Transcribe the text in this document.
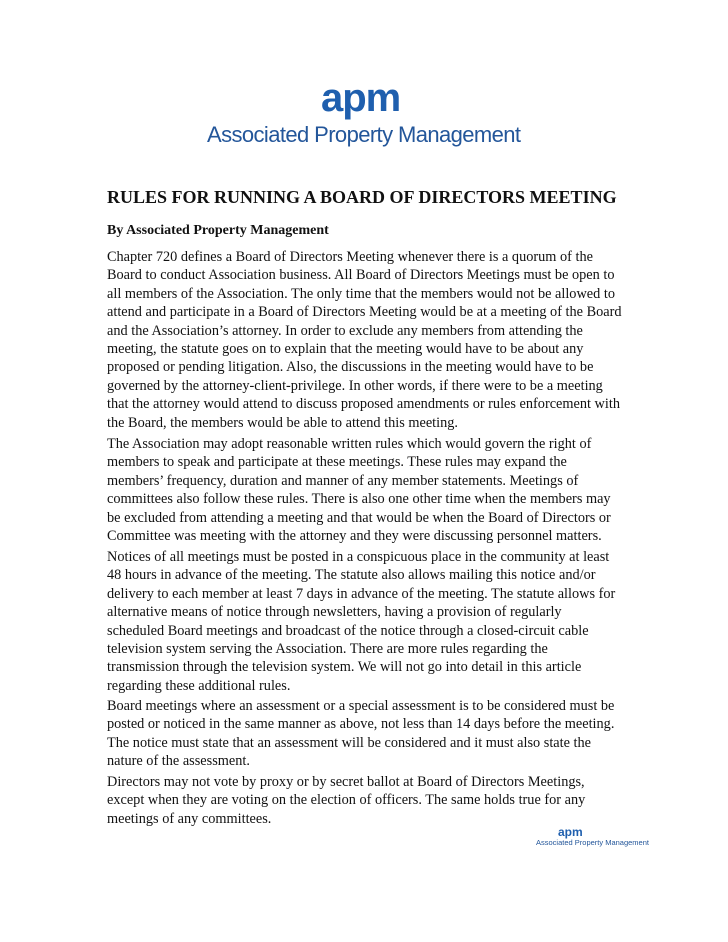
apm
Associated Property Management
RULES FOR RUNNING A BOARD OF DIRECTORS MEETING

By Associated Property Management

Chapter 720 defines a Board of Directors Meeting whenever there is a quorum of the
Board to conduct Association business. All Board of Directors Meetings must be open to
all members of the Association. The only time that the members would not be allowed to
attend and participate in a Board of Directors Meeting would be at a meeting of the Board
and the Association’s attorney. In order to exclude any members from attending the
meeting, the statute goes on to explain that the meeting would have to be about any
proposed or pending litigation. Also, the discussions in the meeting would have to be
governed by the attorney-client-privilege. In other words, if there were to be a meeting
that the attorney would attend to discuss proposed amendments or rules enforcement with
the Board, the members would be able to attend this meeting.

The Association may adopt reasonable written rules which would govern the right of
members to speak and participate at these meetings. These rules may expand the
members’ frequency, duration and manner of any member statements. Meetings of
committees also follow these rules. There is also one other time when the members may
be excluded from attending a meeting and that would be when the Board of Directors or
Committee was meeting with the attorney and they were discussing personnel matters.

Notices of all meetings must be posted in a conspicuous place in the community at least
48 hours in advance of the meeting. The statute also allows mailing this notice and/or
delivery to each member at least 7 days in advance of the meeting. The statute allows for
alternative means of notice through newsletters, having a provision of regularly
scheduled Board meetings and broadcast of the notice through a closed-circuit cable
television system serving the Association. There are more rules regarding the
transmission through the television system. We will not go into detail in this article
regarding these additional rules.

Board meetings where an assessment or a special assessment is to be considered must be
posted or noticed in the same manner as above, not less than 14 days before the meeting.
The notice must state that an assessment will be considered and it must also state the
nature of the assessment.

Directors may not vote by proxy or by secret ballot at Board of Directors Meetings,
except when they are voting on the election of officers. The same holds true for any
meetings of any committees.

apm
Associated Property Management
